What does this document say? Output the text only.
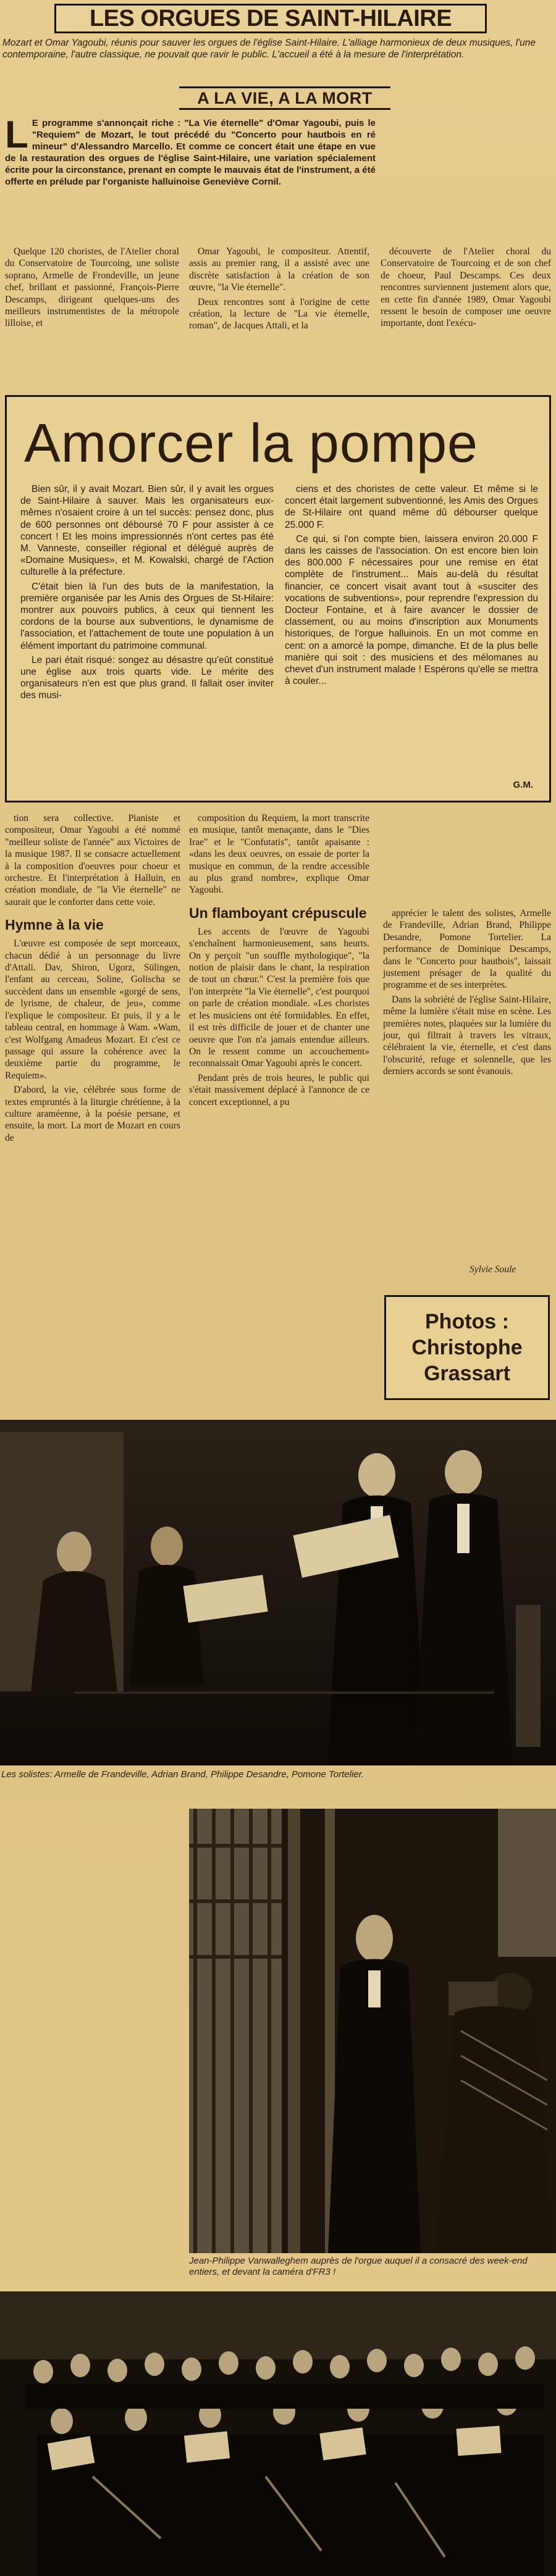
LES ORGUES DE SAINT-HILAIRE
Mozart et Omar Yagoubi, réunis pour sauver les orgues de l'église Saint-Hilaire. L'alliage harmonieux de deux musiques, l'une contemporaine, l'autre classique, ne pouvait que ravir le public. L'accueil a été à la mesure de l'interprétation.
A LA VIE, A LA MORT
L E programme s'annonçait riche : "La Vie éternelle" d'Omar Yagoubi, puis le "Requiem" de Mozart, le tout précédé du "Concerto pour hautbois en ré mineur" d'Alessandro Marcello. Et comme ce concert était une étape en vue de la restauration des orgues de l'église Saint-Hilaire, une variation spécialement écrite pour la circonstance, prenant en compte le mauvais état de l'instrument, a été offerte en prélude par l'organiste halluinoise Geneviève Cornil.

Quelque 120 choristes, de l'Atelier choral du Conservatoire de Tourcoing, une soliste soprano, Armelle de Frondeville, un jeune chef, brillant et passionné, François-Pierre Descamps, dirigeant quelques-uns des meilleurs instrumentistes de la métropole lilloise, et

Omar Yagoubi, le compositeur. Attentif, assis au premier rang, il a assisté avec une discrète satisfaction à la création de son œuvre, "la Vie éternelle".

Deux rencontres sont à l'origine de cette création, la lecture de "La vie éternelle, roman", de Jacques Attali, et la

découverte de l'Atelier choral du Conservatoire de Tourcoing et de son chef de choeur, Paul Descamps. Ces deux rencontres surviennent justement alors que, en cette fin d'année 1989, Omar Yagoubi ressent le besoin de composer une oeuvre importante, dont l'exécu-

Amorcer la pompe

Bien sûr, il y avait Mozart. Bien sûr, il y avait les orgues de Saint-Hilaire à sauver. Mais les organisateurs eux-mêmes n'osaient croire à un tel succès: pensez donc, plus de 600 personnes ont déboursé 70 F pour assister à ce concert ! Et les moins impressionnés n'ont certes pas été M. Vanneste, conseiller régional et délégué auprès de «Domaine Musiques», et M. Kowalski, chargé de l'Action culturelle à la préfecture.

C'était bien là l'un des buts de la manifestation, la première organisée par les Amis des Orgues de St-Hilaire: montrer aux pouvoirs publics, à ceux qui tiennent les cordons de la bourse aux subventions, le dynamisme de l'association, et l'attachement de toute une population à un élément important du patrimoine communal.

Le pari était risqué: songez au désastre qu'eût constitué une église aux trois quarts vide. Le mérite des organisateurs n'en est que plus grand. Il fallait oser inviter des musi-

ciens et des choristes de cette valeur. Et même si le concert était largement subventionné, les Amis des Orgues de St-Hilaire ont quand même dû débourser quelque 25.000 F.

Ce qui, si l'on compte bien, laissera environ 20.000 F dans les caisses de l'association. On est encore bien loin des 800.000 F nécessaires pour une remise en état complète de l'instrument... Mais au-delà du résultat financier, ce concert visait avant tout à «susciter des vocations de subventions», pour reprendre l'expression du Docteur Fontaine, et à faire avancer le dossier de classement, ou au moins d'inscription aux Monuments historiques, de l'orgue halluinois. En un mot comme en cent: on a amorcé la pompe, dimanche. Et de la plus belle manière qui soit : des musiciens et des mélomanes au chevet d'un instrument malade ! Espérons qu'elle se mettra à couler...

G.M.

tion sera collective. Pianiste et compositeur, Omar Yagoubi a été nommé "meilleur soliste de l'année" aux Victoires de la musique 1987. Il se consacre actuellement à la composition d'oeuvres pour choeur et orchestre. Et l'interprétation à Halluin, en création mondiale, de "la Vie éternelle" ne saurait que le conforter dans cette voie.

Hymne à la vie

L'œuvre est composée de sept morceaux, chacun dédié à un personnage du livre d'Attali. Dav, Shiron, Ugorz, Sülingen, l'enfant au cerceau, Soline, Golischa se succèdent dans un ensemble «gorgé de sens, de lyrisme, de chaleur, de jeu», comme l'explique le compositeur. Et puis, il y a le tableau central, en hommage à Wam. «Wam, c'est Wolfgang Amadeus Mozart. Et c'est ce passage qui assure la cohérence avec la deuxième partie du programme, le Requiem».

D'abord, la vie, célébrée sous forme de textes empruntés à la liturgie chrétienne, à la culture araméenne, à la poésie persane, et ensuite, la mort. La mort de Mozart en cours de

composition du Requiem, la mort transcrite en musique, tantôt menaçante, dans le "Dies Irae" et le "Confutatis", tantôt apaisante : «dans les deux oeuvres, on essaie de porter la musique en commun, de la rendre accessible au plus grand nombre», explique Omar Yagoubi.

Un flamboyant crépuscule

Les accents de l'œuvre de Yagoubi s'enchaînent harmonieusement, sans heurts. On y perçoit "un souffle mythologique", "la notion de plaisir dans le chant, la respiration de tout un chœur." C'est la première fois que l'on interprète "la Vie éternelle", c'est pourquoi on parle de création mondiale. «Les choristes et les musiciens ont été formidables. En effet, il est très difficile de jouer et de chanter une oeuvre que l'on n'a jamais entendue ailleurs. On le ressent comme un accouchement» reconnaissait Omar Yagoubi après le concert.

Pendant près de trois heures, le public qui s'était massivement déplacé à l'annonce de ce concert exceptionnel, a pu

apprécier le talent des solistes, Armelle de Frandeville, Adrian Brand, Philippe Desandre, Pomone Tortelier. La performance de Dominique Descamps, dans le "Concerto pour hautbois", laissait justement présager de la qualité du programme et de ses interprètes.

Dans la sobriété de l'église Saint-Hilaire, même la lumière s'était mise en scène. Les premières notes, plaquées sur la lumière du jour, qui filtrait à travers les vitraux, célébraient la vie, éternelle, et c'est dans l'obscurité, refuge et solennelle, que les derniers accords se sont évanouis.

Sylvie Soule
Photos :
Christophe
Grassart
Les solistes: Armelle de Frandeville, Adrian Brand, Philippe Desandre, Pomone Tortelier.
Jean-Philippe Vanwalleghem auprès de l'orgue auquel il a consacré des week-end entiers, et devant la caméra d'FR3 !
